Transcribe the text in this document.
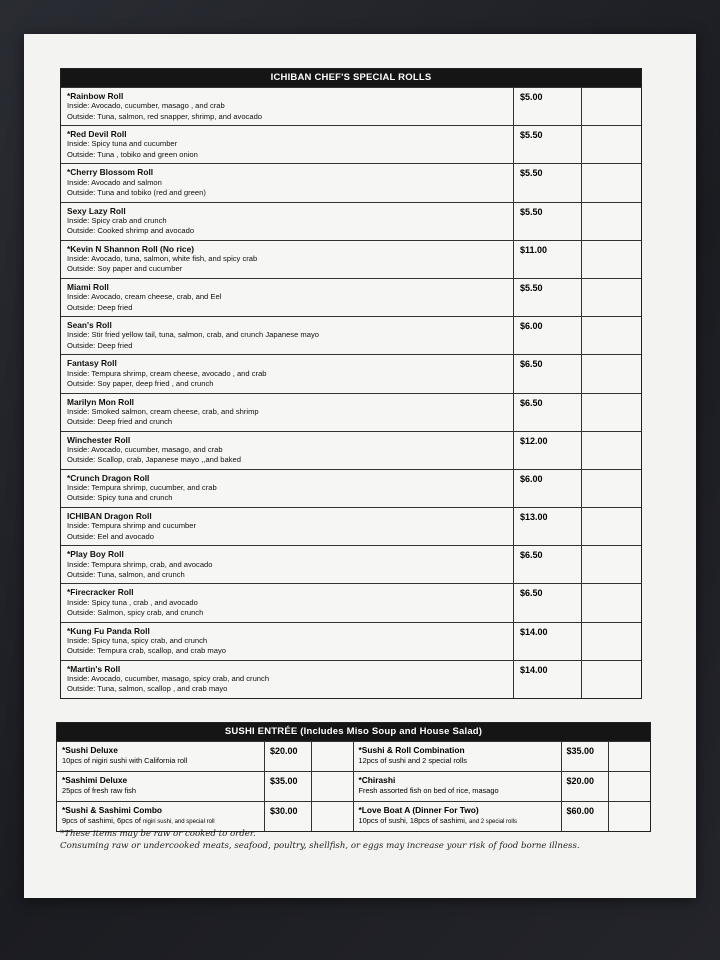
ICHIBAN CHEF'S SPECIAL ROLLS
*Rainbow Roll
Inside: Avocado, cucumber, masago , and crab
Outside: Tuna, salmon, red snapper, shrimp, and avocado
$5.00
*Red Devil Roll
Inside: Spicy tuna and cucumber
Outside: Tuna , tobiko and green onion
$5.50
*Cherry Blossom Roll
Inside: Avocado and salmon
Outside: Tuna and tobiko (red and green)
$5.50
Sexy Lazy Roll
Inside: Spicy crab and crunch
Outside: Cooked shrimp and avocado
$5.50
*Kevin N Shannon Roll (No rice)
Inside: Avocado, tuna, salmon, white fish, and spicy crab
Outside: Soy paper and cucumber
$11.00
Miami Roll
Inside: Avocado, cream cheese, crab, and Eel
Outside: Deep fried
$5.50
Sean's Roll
Inside: Stir fried yellow tail, tuna, salmon, crab, and crunch Japanese mayo
Outside: Deep fried
$6.00
Fantasy Roll
Inside: Tempura shrimp, cream cheese, avocado , and crab
Outside: Soy paper, deep fried , and crunch
$6.50
Marilyn Mon Roll
Inside: Smoked salmon, cream cheese, crab, and shrimp
Outside: Deep fried and crunch
$6.50
Winchester Roll
Inside: Avocado, cucumber, masago, and crab
Outside: Scallop, crab, Japanese mayo ,,and baked
$12.00
*Crunch Dragon Roll
Inside: Tempura shrimp, cucumber, and crab
Outside: Spicy tuna and crunch
$6.00
ICHIBAN Dragon Roll
Inside: Tempura shrimp and cucumber
Outside: Eel and avocado
$13.00
*Play Boy Roll
Inside: Tempura shrimp, crab, and avocado
Outside: Tuna, salmon, and crunch
$6.50
*Firecracker Roll
Inside: Spicy tuna , crab , and avocado
Outside: Salmon, spicy crab, and crunch
$6.50
*Kung Fu Panda Roll
Inside: Spicy tuna, spicy crab, and crunch
Outside: Tempura crab, scallop, and crab mayo
$14.00
*Martin's Roll
Inside: Avocado, cucumber, masago, spicy crab, and crunch
Outside: Tuna, salmon, scallop , and crab mayo
$14.00
SUSHI ENTRÉE (Includes Miso Soup and House Salad)
*Sushi Deluxe
10pcs of nigiri sushi with California roll
$20.00
*Sashimi Deluxe
25pcs of fresh raw fish
$35.00
*Sushi & Sashimi Combo
9pcs of sashimi, 6pcs of nigiri sushi, and special roll
$30.00
*Sushi & Roll Combination
12pcs of sushi and 2 special rolls
$35.00
*Chirashi
Fresh assorted fish on bed of rice, masago
$20.00
*Love Boat A (Dinner For Two)
10pcs of sushi, 18pcs of sashimi, and 2 special rolls
$60.00
*These items may be raw or cooked to order.
Consuming raw or undercooked meats, seafood, poultry, shellfish, or eggs may increase your risk of food borne illness.
